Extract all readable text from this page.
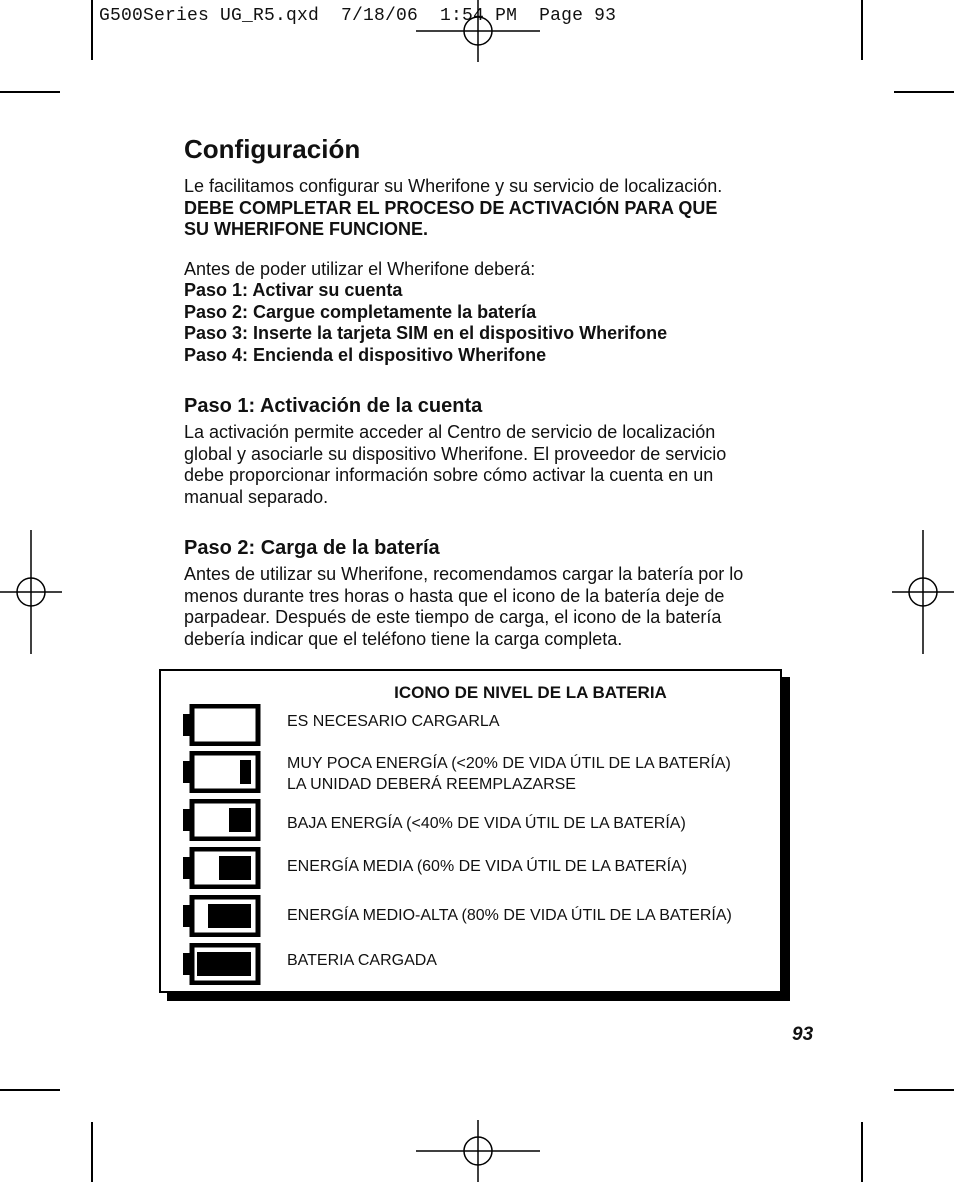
G500Series UG_R5.qxd  7/18/06  1:54 PM  Page 93
Configuración

Le facilitamos configurar su Wherifone y su servicio de localización.

DEBE COMPLETAR EL PROCESO DE ACTIVACIÓN PARA QUE

SU WHERIFONE FUNCIONE.

Antes de poder utilizar el Wherifone deberá:

Paso 1: Activar su cuenta

Paso 2: Cargue completamente la batería

Paso 3: Inserte la tarjeta SIM en el dispositivo Wherifone

Paso 4: Encienda el dispositivo Wherifone

Paso 1: Activación de la cuenta

La activación permite acceder al Centro de servicio de localización

global y asociarle su dispositivo Wherifone. El proveedor de servicio

debe proporcionar información sobre cómo activar la cuenta en un

manual separado.

Paso 2: Carga de la batería

Antes de utilizar su Wherifone, recomendamos cargar la batería por lo

menos durante tres horas o hasta que el icono de la batería deje de

parpadear. Después de este tiempo de carga, el icono de la batería

debería indicar que el teléfono tiene la carga completa.

ICONO DE NIVEL DE LA BATERIA
ES NECESARIO CARGARLA
MUY POCA ENERGÍA (<20% DE VIDA ÚTIL DE LA BATERÍA)
LA UNIDAD DEBERÁ REEMPLAZARSE
BAJA ENERGÍA (<40% DE VIDA ÚTIL DE LA BATERÍA)
ENERGÍA MEDIA (60% DE VIDA ÚTIL DE LA BATERÍA)
ENERGÍA MEDIO-ALTA (80% DE VIDA ÚTIL DE LA BATERÍA)
BATERIA CARGADA
93
